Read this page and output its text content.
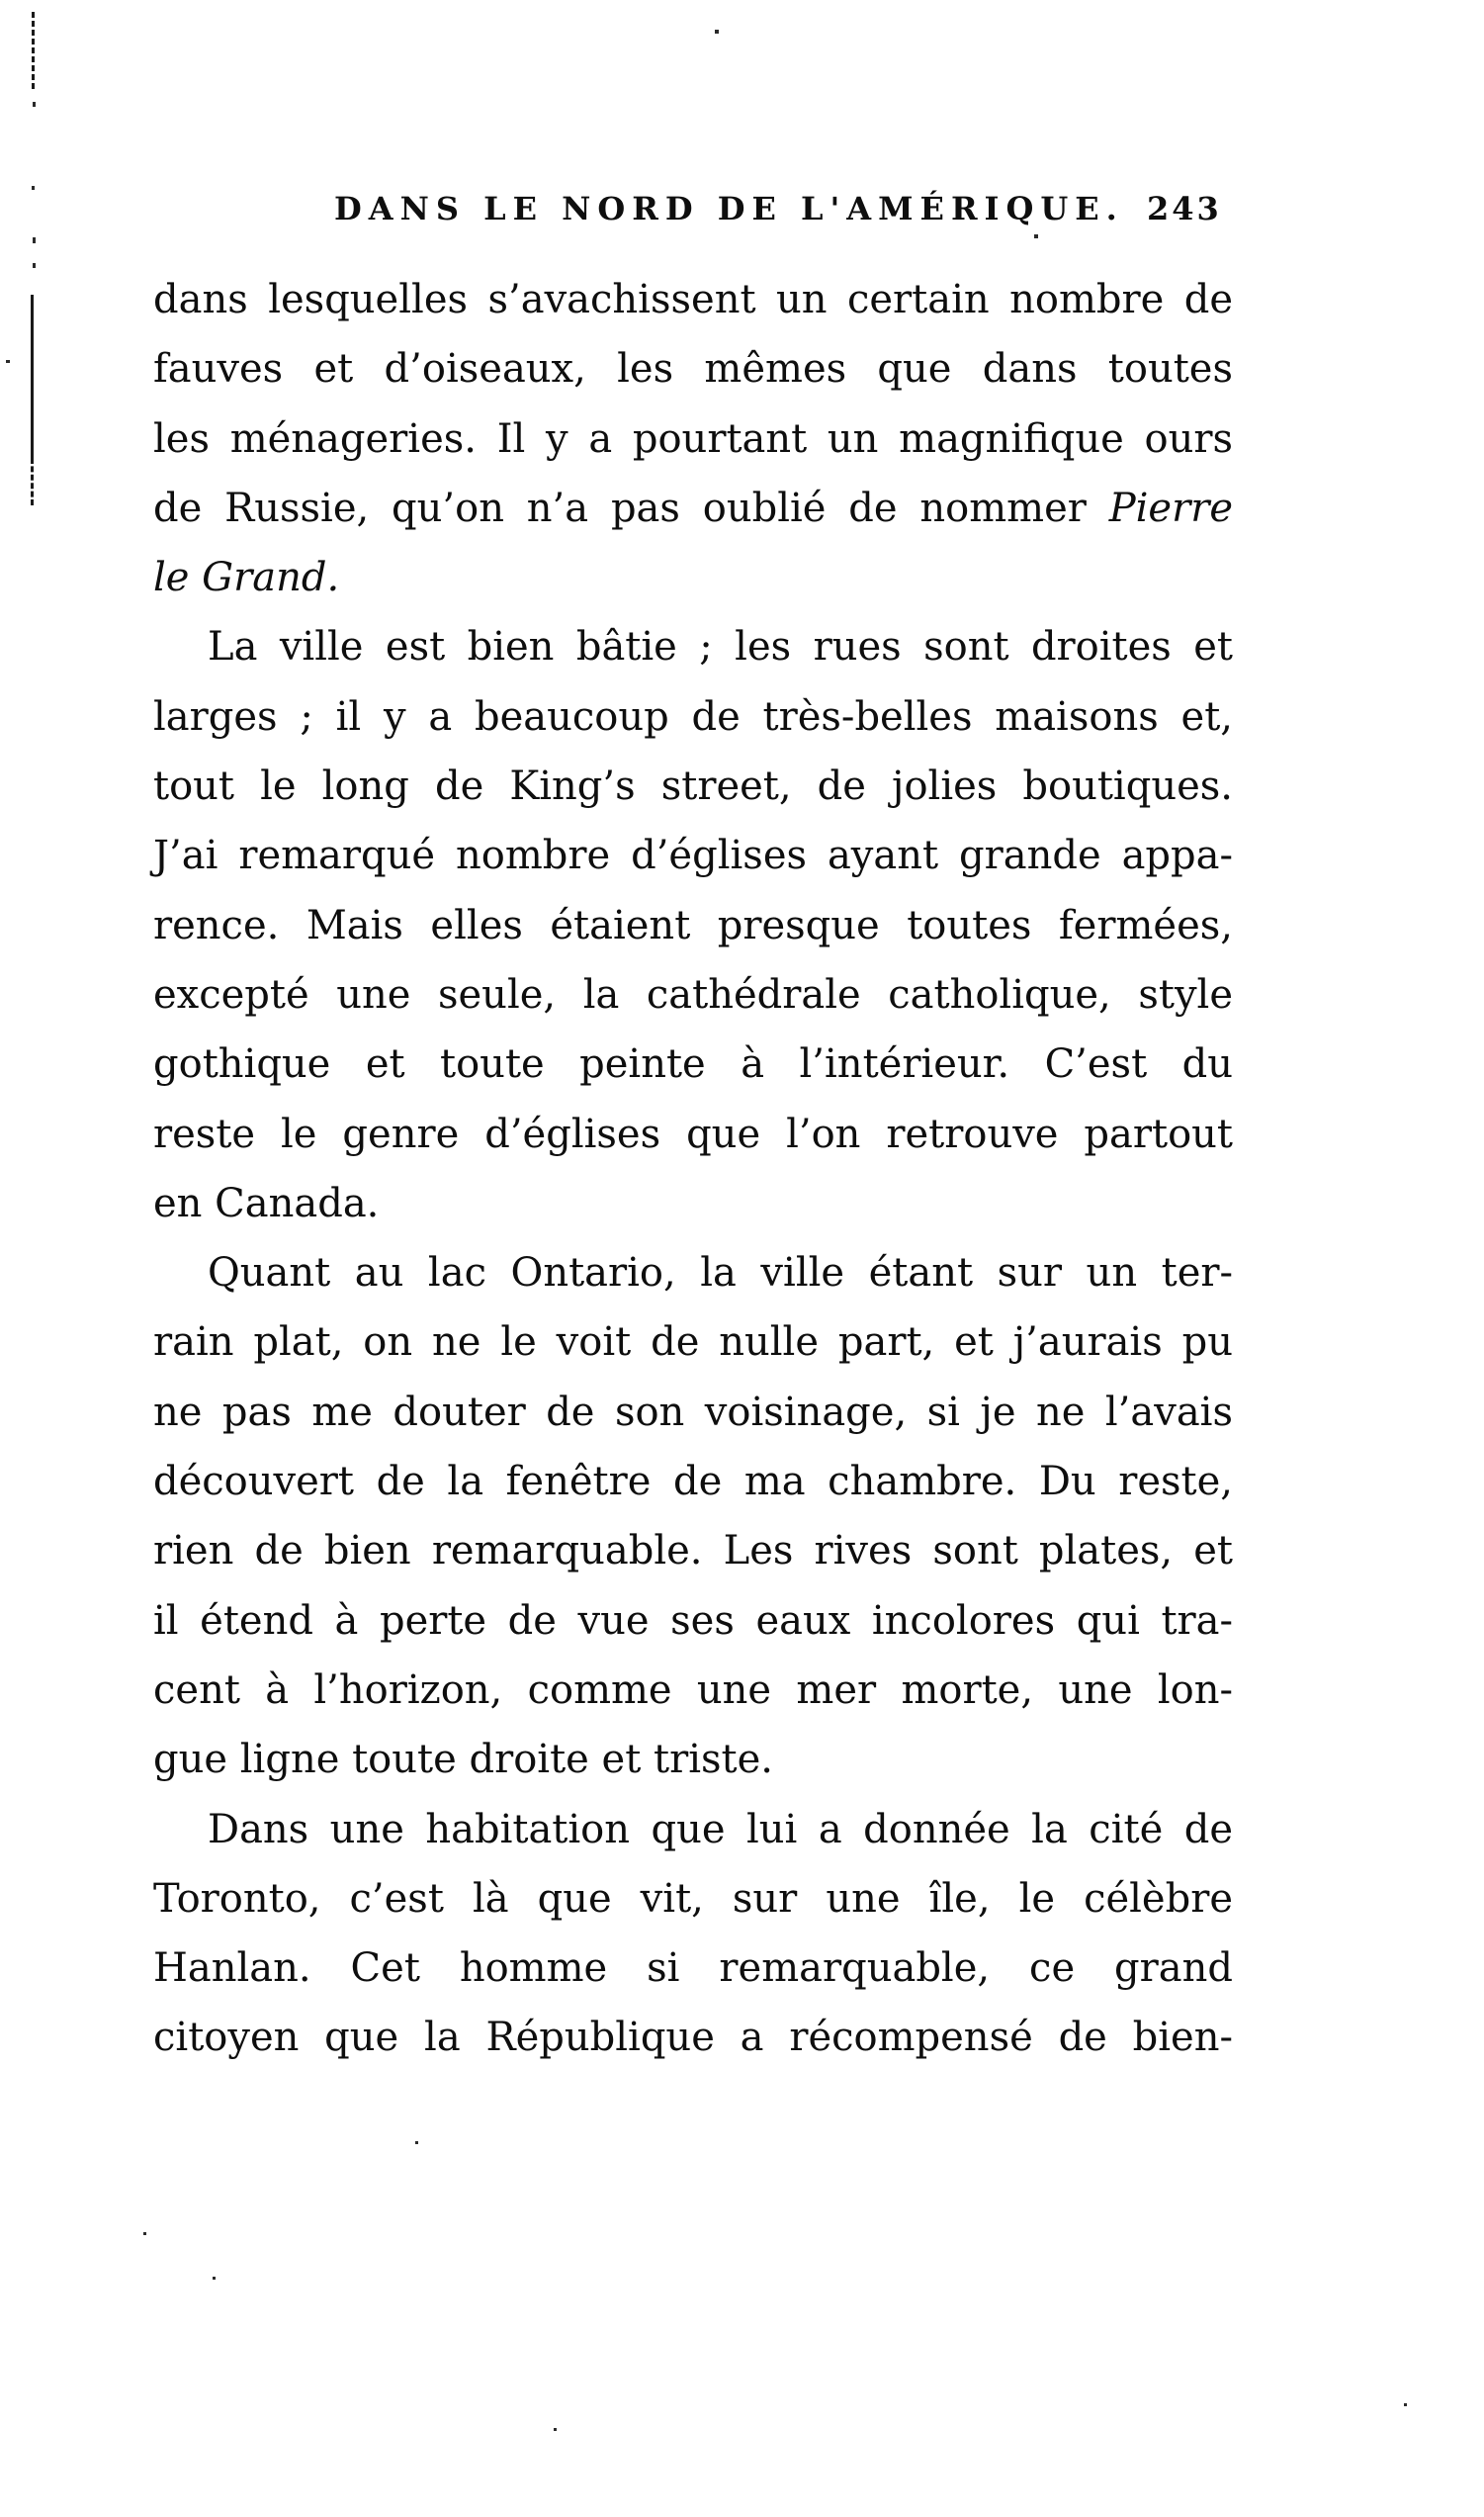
DANS LE NORD DE L'AMÉRIQUE. 243
dans lesquelles s’avachissent un certain nombre de
fauves et d’oiseaux, les mêmes que dans toutes
les ménageries. Il y a pourtant un magnifique ours
de Russie, qu’on n’a pas oublié de nommer Pierre
le Grand.
La ville est bien bâtie ; les rues sont droites et
larges ; il y a beaucoup de très-belles maisons et,
tout le long de King’s street, de jolies boutiques.
J’ai remarqué nombre d’églises ayant grande appa-
rence. Mais elles étaient presque toutes fermées,
excepté une seule, la cathédrale catholique, style
gothique et toute peinte à l’intérieur. C’est du
reste le genre d’églises que l’on retrouve partout
en Canada.
Quant au lac Ontario, la ville étant sur un ter-
rain plat, on ne le voit de nulle part, et j’aurais pu
ne pas me douter de son voisinage, si je ne l’avais
découvert de la fenêtre de ma chambre. Du reste,
rien de bien remarquable. Les rives sont plates, et
il étend à perte de vue ses eaux incolores qui tra-
cent à l’horizon, comme une mer morte, une lon-
gue ligne toute droite et triste.
Dans une habitation que lui a donnée la cité de
Toronto, c’est là que vit, sur une île, le célèbre
Hanlan. Cet homme si remarquable, ce grand
citoyen que la République a récompensé de bien-
